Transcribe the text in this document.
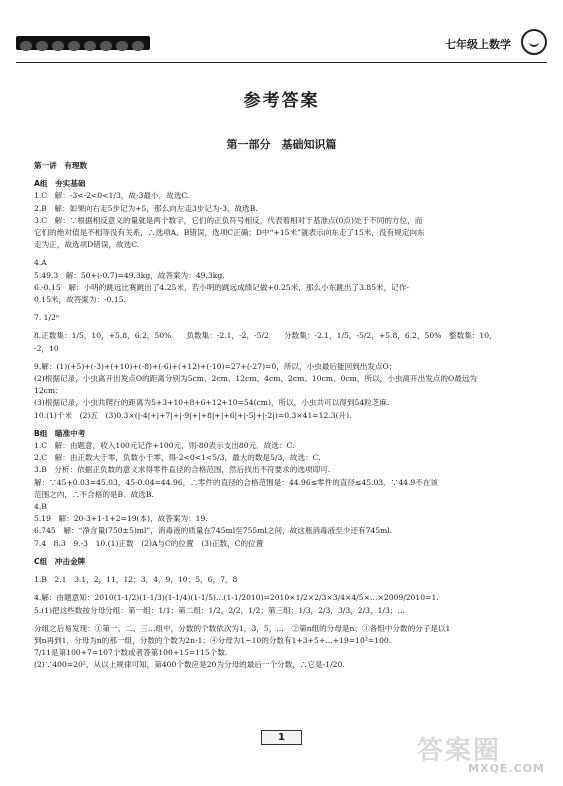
七年级上数学
参考答案
第一部分　基础知识篇
第一讲　有理数
A组　夯实基础
1.C　解：-3<-2<0<1/3，故-3最小．故选C.
2.B　解：如果向右走5步记为+5，那么向左走3步记为-3，故选B.
3.C　解：∵根据相反意义的量就是两个数字，它们的正负符号相反，代表着相对于基准点(0点)处于不同的方位，而
它们的绝对值是不相等没有关系，∴选项A、B错误，选项C正确；D中“+15米”就表示向东走了15米，没有规定向东
走为正，故选项D错误，故选C.
4.A
5.49.3　解：50+(-0.7)=49.3kg，故答案为：49.3kg.
6.-0.15　解：小明的跳远比赛跳出了4.25米，若小明的跳远成绩记做+0.25米，那么小东跳出了3.85米，记作-
0.15米，故答案为：-0.15.
7. 1/2ⁿ
8.正数集：1/5，10，+5.8，6.2，50%　　负数集：-2.1，-2，-5/2　　分数集：-2.1，1/5，-5/2，+5.8，6.2，50%　整数集：10，
-2，10
9.解：(1)(+5)+(-3)+(+10)+(-8)+(-6)+(+12)+(-10)=27+(-27)=0，所以，小虫最后能回到出发点O；
(2)根据记录，小虫离开出发点O的距离分别为5cm、2cm、12cm、4cm、2cm、10cm、0cm，所以，小虫离开出发点的O最远为
12cm；
(3)根据记录，小虫共爬行的距离为5+3+10+8+6+12+10=54(cm)，所以，小虫共可以得到54粒芝麻.
10.(1)千米　(2)五　(3)0.3×(|-4|+|+7|+|-9|+|+8|+|+6|+|-5|+|-2|)=0.3×41=12.3(升).
B组　瞄准中考
1.C　解：由题意，收入100元记作+100元，则-80表示支出80元．故选：C.
2.C　解：由正数大于零，负数小于零，得-2<0<1<5/3，最大的数是5/3，故选：C.
3.B　分析：依据正负数的意义求得零件直径的合格范围，然后找出不符要求的选项即可.
解：∵45+0.03=45.03，45-0.04=44.96，∴零件的直径的合格范围是：44.96≤零件的直径≤45.03．∵44.9不在该
范围之内，∴不合格的是B．故选B.
4.B
5.19　解：20-3+1-1+2=19(本)，故答案为：19.
6.745　解：“净含量(750±5)ml”，消毒液的质量在745ml至755ml之间，故这瓶消毒液至少还有745ml.
7.4　8.3　9.-3　10.(1)正数　(2)A与C的位置　(3)正数，C的位置
C组　冲击金牌
1.B　2.1　3.1，2，11，12；3，4，9，10；5，6，7，8
4.解：由题意知：2010(1-1/2)(1-1/3)(1-1/4)(1-1/5)…(1-1/2010)=2010×1/2×2/3×3/4×4/5×…×2009/2010=1.
5.(1)把这些数按分母分组：第一组：1/1；第二组：1/2，2/2，1/2；第三组：1/3，2/3，3/3，2/3，1/3；…
分组之后易发现：①第一、二、三…组中，分数的个数依次为1，3，5，…　②第n组的分母是n；③各组中分数的分子是以1
到n再到1，分母为n的那一组，分数的个数为2n-1；④分母为1~10的分数有1+3+5+…+19=10²=100.
7/11是第100+7=107个数或者答第100+15=115个数.
(2)∵400=20²，从以上规律可知，第400个数应是20为分母的最后一个分数，∴它是-1/20.
1	答案圈
MXQE.COM
